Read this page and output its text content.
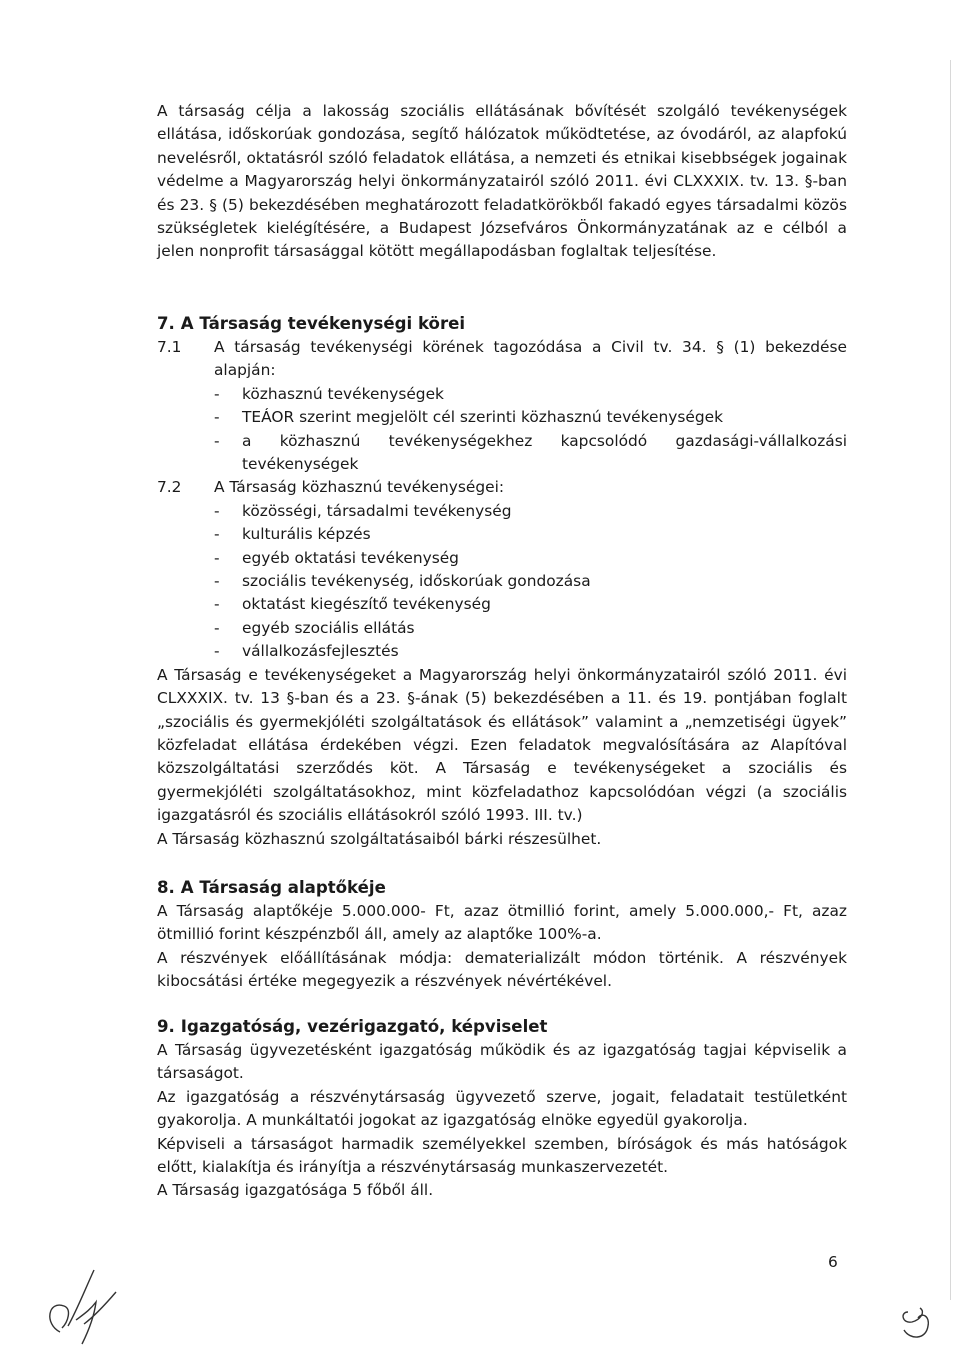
A társaság célja a lakosság szociális ellátásának bővítését szolgáló tevékenységek ellátása, időskorúak gondozása, segítő hálózatok működtetése, az óvodáról, az alapfokú nevelésről, oktatásról szóló feladatok ellátása, a nemzeti és etnikai kisebbségek jogainak védelme a Magyarország helyi önkormányzatairól szóló 2011. évi CLXXXIX. tv. 13. §-ban és 23. § (5) bekezdésében meghatározott feladatkörökből fakadó egyes társadalmi közös szükségletek kielégítésére, a Budapest Józsefváros Önkormányzatának az e célból a jelen nonprofit társasággal kötött megállapodásban foglaltak teljesítése.

7. A Társaság tevékenységi körei
7.1	A társaság tevékenységi körének tagozódása a Civil tv. 34. § (1) bekezdése alapján:
-	közhasznú tevékenységek
-	TEÁOR szerint megjelölt cél szerinti közhasznú tevékenységek
-	a közhasznú tevékenységekhez kapcsolódó gazdasági-vállalkozási tevékenységek
7.2	A Társaság közhasznú tevékenységei:
-	közösségi, társadalmi tevékenység
-	kulturális képzés
-	egyéb oktatási tevékenység
-	szociális tevékenység, időskorúak gondozása
-	oktatást kiegészítő tevékenység
-	egyéb szociális ellátás
-	vállalkozásfejlesztés

A Társaság e tevékenységeket a Magyarország helyi önkormányzatairól szóló 2011. évi CLXXXIX. tv. 13 §-ban és a 23. §-ának (5) bekezdésében a 11. és 19. pontjában foglalt „szociális és gyermekjóléti szolgáltatások és ellátások” valamint a „nemzetiségi ügyek” közfeladat ellátása érdekében végzi. Ezen feladatok megvalósítására az Alapítóval közszolgáltatási szerződés köt. A Társaság e tevékenységeket a szociális és gyermekjóléti szolgáltatásokhoz, mint közfeladathoz kapcsolódóan végzi (a szociális igazgatásról és szociális ellátásokról szóló 1993. III. tv.)

A Társaság közhasznú szolgáltatásaiból bárki részesülhet.

8. A Társaság alaptőkéje

A Társaság alaptőkéje 5.000.000- Ft, azaz ötmillió forint, amely 5.000.000,- Ft, azaz ötmillió forint készpénzből áll, amely az alaptőke 100%-a.

A részvények előállításának módja: dematerializált módon történik. A részvények kibocsátási értéke megegyezik a részvények névértékével.

9. Igazgatóság, vezérigazgató, képviselet

A Társaság ügyvezetésként igazgatóság működik és az igazgatóság tagjai képviselik a társaságot.

Az igazgatóság a részvénytársaság ügyvezető szerve, jogait, feladatait testületként gyakorolja. A munkáltatói jogokat az igazgatóság elnöke egyedül gyakorolja.

Képviseli a társaságot harmadik személyekkel szemben, bíróságok és más hatóságok előtt, kialakítja és irányítja a részvénytársaság munkaszervezetét.

A Társaság igazgatósága 5 főből áll.

6
